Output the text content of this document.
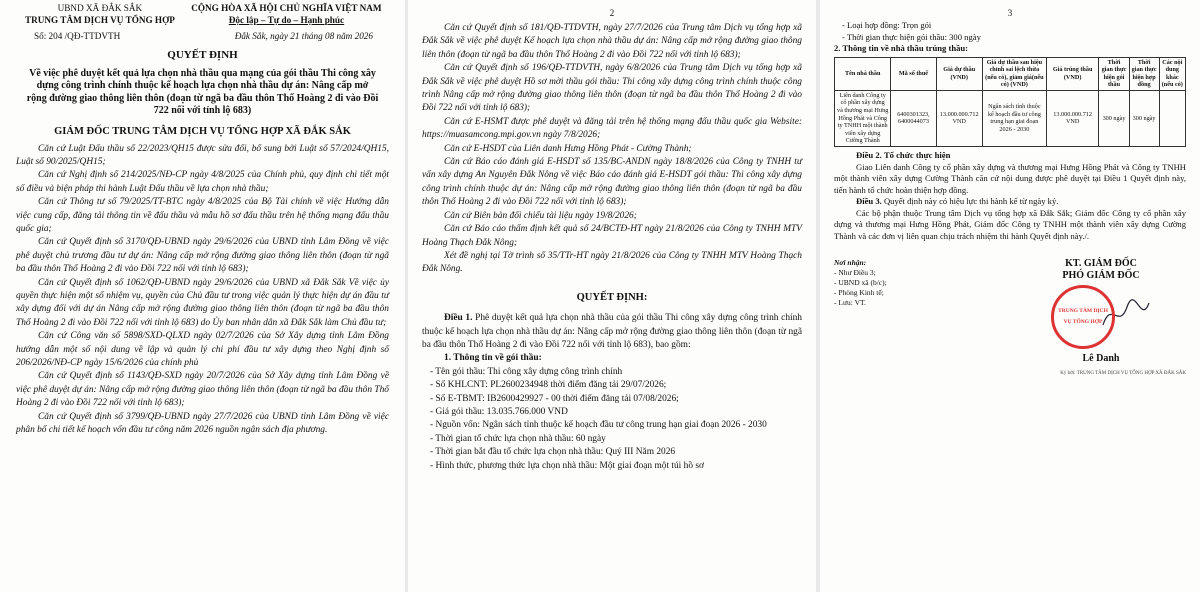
UBND XÃ ĐẮK SẮK
TRUNG TÂM DỊCH VỤ TỔNG HỢP
CỘNG HÒA XÃ HỘI CHỦ NGHĨA VIỆT NAM
Độc lập – Tự do – Hạnh phúc
Số: 204 /QĐ-TTDVTH	Đắk Sắk, ngày 21 tháng 08 năm 2026
QUYẾT ĐỊNH
Về việc phê duyệt kết quả lựa chọn nhà thầu qua mạng của gói thầu Thi công xây dựng công trình chính thuộc kế hoạch lựa chọn nhà thầu dự án: Nâng cấp mở rộng đường giao thông liên thôn (đoạn từ ngã ba đầu thôn Thổ Hoàng 2 đi vào Đồi 722 nối với tỉnh lộ 683)
GIÁM ĐỐC TRUNG TÂM DỊCH VỤ TỔNG HỢP XÃ ĐẮK SẮK

Căn cứ Luật Đấu thầu số 22/2023/QH15 được sửa đổi, bổ sung bởi Luật số 57/2024/QH15, Luật số 90/2025/QH15;

Căn cứ Nghị định số 214/2025/NĐ-CP ngày 4/8/2025 của Chính phủ, quy định chi tiết một số điều và biện pháp thi hành Luật Đấu thầu về lựa chọn nhà thầu;

Căn cứ Thông tư số 79/2025/TT-BTC ngày 4/8/2025 của Bộ Tài chính về việc Hướng dẫn việc cung cấp, đăng tải thông tin về đấu thầu và mẫu hồ sơ đấu thầu trên hệ thống mạng đấu thầu quốc gia;

Căn cứ Quyết định số 3170/QĐ-UBND ngày 29/6/2026 của UBND tỉnh Lâm Đồng về việc phê duyệt chủ trương đầu tư dự án: Nâng cấp mở rộng đường giao thông liên thôn (đoạn từ ngã ba đầu thôn Thổ Hoàng 2 đi vào Đồi 722 nối với tỉnh lộ 683);

Căn cứ Quyết định số 1062/QĐ-UBND ngày 29/6/2026 của UBND xã Đắk Sắk Về việc ủy quyền thực hiện một số nhiệm vụ, quyền của Chủ đầu tư trong việc quản lý thực hiện dự án đầu tư xây dựng đối với dự án Nâng cấp mở rộng đường giao thông liên thôn (đoạn từ ngã ba đầu thôn Thổ Hoàng 2 đi vào Đồi 722 nối với tỉnh lộ 683) do Ủy ban nhân dân xã Đắk Sắk làm Chủ đầu tư;

Căn cứ Công văn số 5898/SXD-QLXD ngày 02/7/2026 của Sở Xây dựng tỉnh Lâm Đồng hướng dẫn một số nội dung về lập và quản lý chi phí đầu tư xây dựng theo Nghị định số 206/2026/NĐ-CP ngày 15/6/2026 của chính phủ

Căn cứ Quyết định số 1143/QĐ-SXD ngày 20/7/2026 của Sở Xây dựng tỉnh Lâm Đồng về việc phê duyệt dự án: Nâng cấp mở rộng đường giao thông liên thôn (đoạn từ ngã ba đầu thôn Thổ Hoàng 2 đi vào Đồi 722 nối với tỉnh lộ 683);

Căn cứ Quyết định số 3799/QĐ-UBND ngày 27/7/2026 của UBND tỉnh Lâm Đồng về việc phân bổ chi tiết kế hoạch vốn đầu tư công năm 2026 nguồn ngân sách địa phương.

2

Căn cứ Quyết định số 181/QĐ-TTDVTH, ngày 27/7/2026 của Trung tâm Dịch vụ tổng hợp xã Đắk Sắk về việc phê duyệt Kế hoạch lựa chọn nhà thầu dự án: Nâng cấp mở rộng đường giao thông liên thôn (đoạn từ ngã ba đầu thôn Thổ Hoàng 2 đi vào Đồi 722 nối với tỉnh lộ 683);

Căn cứ Quyết định số 196/QĐ-TTDVTH, ngày 6/8/2026 của Trung tâm Dịch vụ tổng hợp xã Đắk Sắk về việc phê duyệt Hồ sơ mời thầu gói thầu: Thi công xây dựng công trình chính thuộc công trình Nâng cấp mở rộng đường giao thông liên thôn (đoạn từ ngã ba đầu thôn Thổ Hoàng 2 đi vào Đồi 722 nối với tỉnh lộ 683);

Căn cứ E-HSMT được phê duyệt và đăng tải trên hệ thống mạng đấu thầu quốc gia Website: https://muasamcong.mpi.gov.vn ngày 7/8/2026;

Căn cứ E-HSDT của Liên danh Hưng Hồng Phát - Cường Thành;

Căn cứ Báo cáo đánh giá E-HSDT số 135/BC-ANDN ngày 18/8/2026 của Công ty TNHH tư vấn xây dựng An Nguyên Đắk Nông về việc Báo cáo đánh giá E-HSDT gói thầu: Thi công xây dựng công trình chính thuộc dự án: Nâng cấp mở rộng đường giao thông liên thôn (đoạn từ ngã ba đầu thôn Thổ Hoàng 2 đi vào Đồi 722 nối với tỉnh lộ 683);

Căn cứ Biên bản đối chiếu tài liệu ngày 19/8/2026;

Căn cứ Báo cáo thẩm định kết quả số 24/BCTĐ-HT ngày 21/8/2026 của Công ty TNHH MTV Hoàng Thạch Đắk Nông;

Xét đề nghị tại Tờ trình số 35/TTr-HT ngày 21/8/2026 của Công ty TNHH MTV Hoàng Thạch Đắk Nông.

QUYẾT ĐỊNH:

Điều 1. Phê duyệt kết quả lựa chọn nhà thầu của gói thầu Thi công xây dựng công trình chính thuộc kế hoạch lựa chọn nhà thầu dự án: Nâng cấp mở rộng đường giao thông liên thôn (đoạn từ ngã ba đầu thôn Thổ Hoàng 2 đi vào Đồi 722 nối với tỉnh lộ 683), bao gồm:

1. Thông tin về gói thầu:

- Tên gói thầu: Thi công xây dựng công trình chính

- Số KHLCNT: PL2600234948 thời điểm đăng tải 29/07/2026;

- Số E-TBMT: IB2600429927 - 00 thời điểm đăng tải 07/08/2026;

- Giá gói thầu: 13.035.766.000 VND

- Nguồn vốn: Ngân sách tỉnh thuộc kế hoạch đầu tư công trung hạn giai đoạn 2026 - 2030

- Thời gian tổ chức lựa chọn nhà thầu: 60 ngày

- Thời gian bắt đầu tổ chức lựa chọn nhà thầu: Quý III Năm 2026

- Hình thức, phương thức lựa chọn nhà thầu: Một giai đoạn một túi hồ sơ

3

- Loại hợp đồng: Trọn gói

- Thời gian thực hiện gói thầu: 300 ngày

2. Thông tin về nhà thầu trúng thầu:

Tên nhà thầu	Mã số thuế	Giá dự thầu (VND)	Giá dự thầu sau hiệu chỉnh sai lệch thừa (nếu có), giảm giá(nếu có) (VND)	Giá trúng thầu (VND)	Thời gian thực hiện gói thầu	Thời gian thực hiện hợp đồng	Các nội dung khác (nếu có)
Liên danh Công ty cổ phần xây dựng và thương mại Hưng Hồng Phát và Công ty TNHH một thành viên xây dựng Cường Thành	6400301323, 6400044073	13.000.000.712 VND	Ngân sách tỉnh thuộc kế hoạch đầu tư công trung hạn giai đoạn 2026 - 2030	13.000.000.712 VND	300 ngày	300 ngày	

Điều 2. Tổ chức thực hiện

Giao Liên danh Công ty cổ phần xây dựng và thương mại Hưng Hồng Phát và Công ty TNHH một thành viên xây dựng Cường Thành căn cứ nội dung được phê duyệt tại Điều 1 Quyết định này, tiến hành tổ chức hoàn thiện hợp đồng.

Điều 3. Quyết định này có hiệu lực thi hành kể từ ngày ký.

Các bộ phận thuộc Trung tâm Dịch vụ tổng hợp xã Đắk Sắk; Giám đốc Công ty cổ phần xây dựng và thương mại Hưng Hồng Phát, Giám đốc Công ty TNHH một thành viên xây dựng Cường Thành và các đơn vị liên quan chịu trách nhiệm thi hành Quyết định này./.

Nơi nhận:
- Như Điều 3;
- UBND xã (b/c);
- Phòng Kinh tế;
- Lưu: VT.
KT. GIÁM ĐỐC
PHÓ GIÁM ĐỐC
TRUNG TÂM DỊCH VỤ TỔNG HỢP
Lê Danh
Ký bởi: TRUNG TÂM DỊCH VỤ TỔNG HỢP XÃ ĐẮK SẮK
